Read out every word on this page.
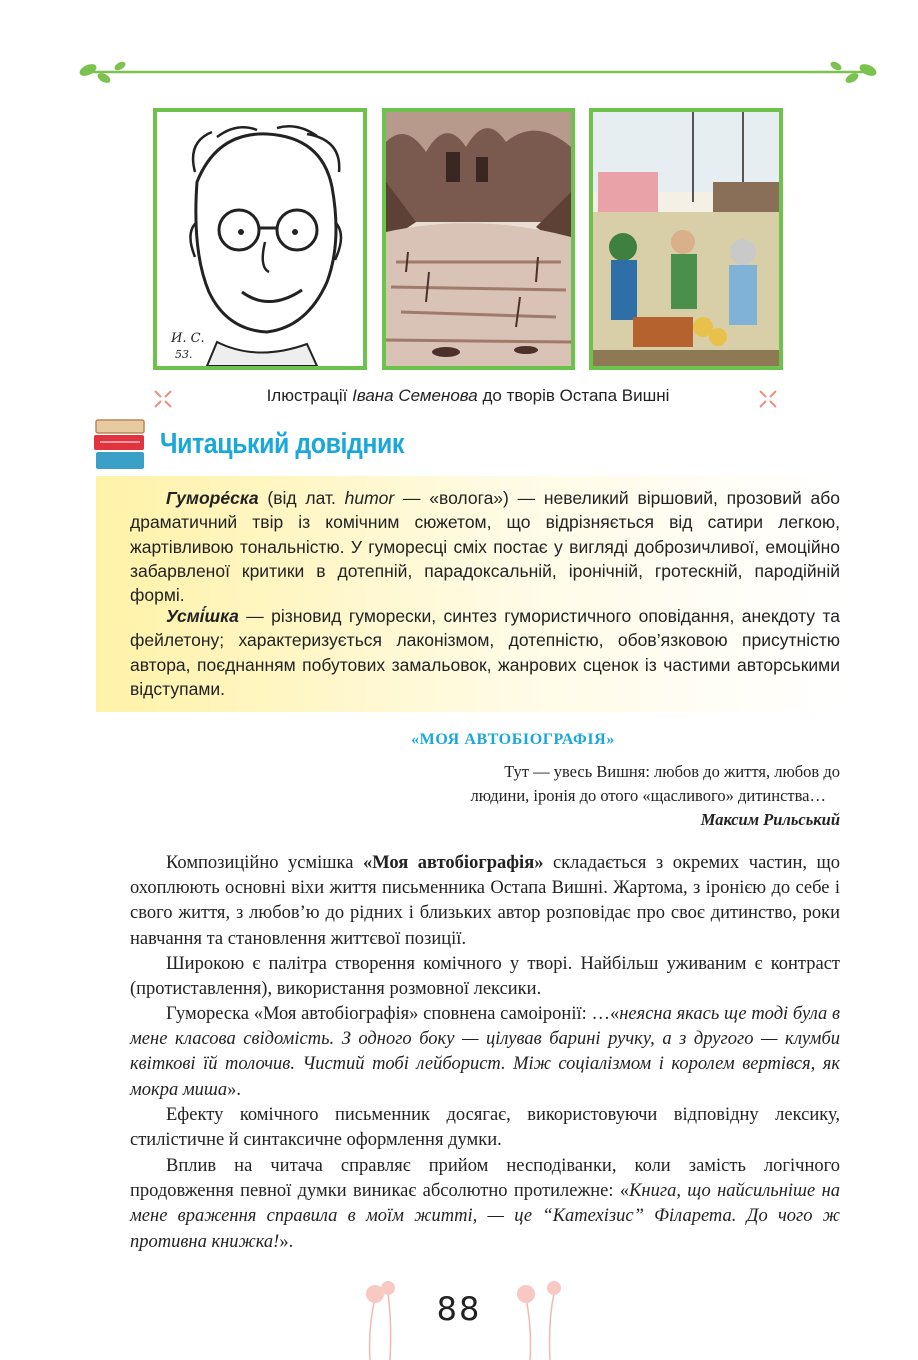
И. С.
53.
Ілюстрації Івана Семенова до творів Остапа Вишні
Читацький довідник

Гуморе́ска (від лат. humor — «волога») — невеликий віршовий, прозовий або драматичний твір із комічним сюжетом, що відрізняється від сатири легкою, жартівливою тональністю. У гуморесці сміх постає у вигляді доброзичливої, емоційно забарвленої критики в дотепній, парадоксальній, іронічній, гротескній, пародійній формі.

Усмі́шка — різновид гуморески, синтез гумористичного оповідання, анекдоту та фейлетону; характеризується лаконізмом, дотепністю, обов’язковою присутністю автора, поєднанням побутових замальовок, жанрових сценок із частими авторськими відступами.

«МОЯ АВТОБІОГРАФІЯ»
Тут — увесь Вишня: любов до життя, любов до
людини, іронія до отого «щасливого» дитинства…
Максим Рильський

Композиційно усмішка «Моя автобіографія» складається з окремих частин, що охоплюють основні віхи життя письменника Остапа Вишні. Жартома, з іронією до себе і свого життя, з любов’ю до рідних і близьких автор розповідає про своє дитинство, роки навчання та становлення життєвої позиції.

Широкою є палітра створення комічного у творі. Найбільш уживаним є контраст (протиставлення), використання розмовної лексики.

Гумореска «Моя автобіографія» сповнена самоіронії: …«неясна якась ще тоді була в мене класова свідомість. З одного боку — цілував барині ручку, а з другого — клумби квіткові їй толочив. Чистий тобі лейборист. Між соціалізмом і королем вертівся, як мокра миша».

Ефекту комічного письменник досягає, використовуючи відповідну лексику, стилістичне й синтаксичне оформлення думки.

Вплив на читача справляє прийом несподіванки, коли замість логічного продовження певної думки виникає абсолютно протилежне: «Книга, що найсильніше на мене враження справила в моїм житті, — це “Катехізис” Філарета. До чого ж противна книжка!».

88
